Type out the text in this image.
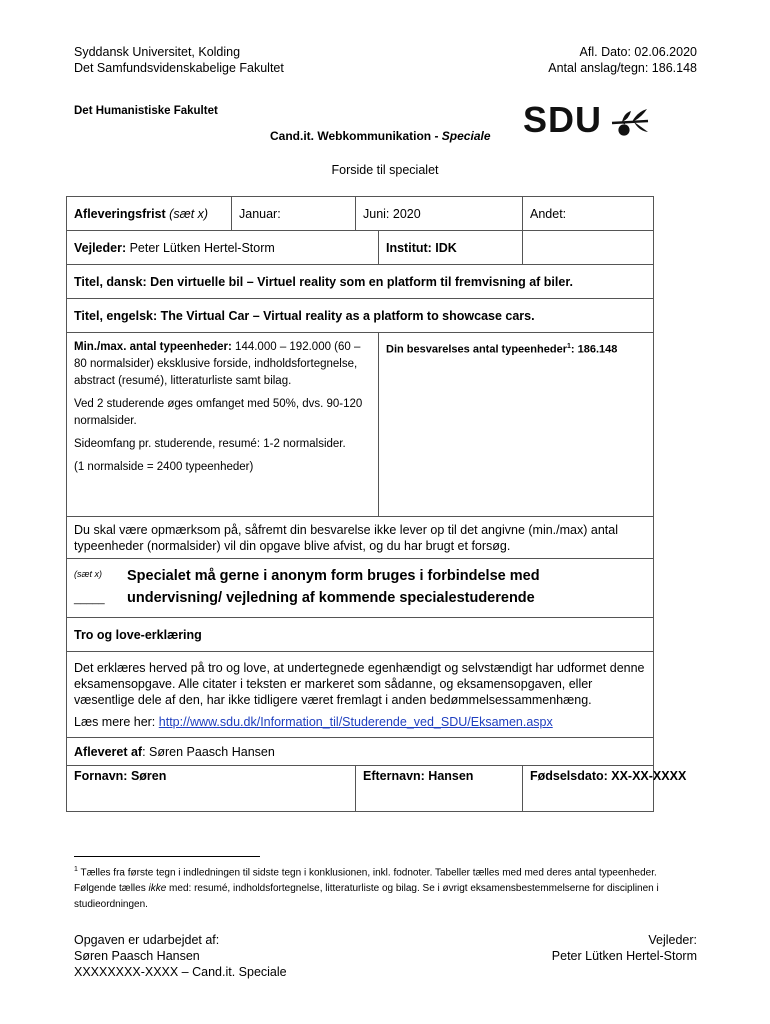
Syddansk Universitet, Kolding
Det Samfundsvidenskabelige Fakultet
Afl. Dato: 02.06.2020
Antal anslag/tegn: 186.148
Det Humanistiske Fakultet	SDU
Cand.it. Webkommunikation - Speciale
Forside til specialet
Afleveringsfrist (sæt x)	Januar:	Juni: 2020		Andet:
Vejleder: Peter Lütken Hertel-Storm			Institut: IDK	
Titel, dansk: Den virtuelle bil – Virtuel reality som en platform til fremvisning af biler.				
Titel, engelsk: The Virtual Car – Virtual reality as a platform to showcase cars.				

Min./max. antal typeenheder: 144.000 – 192.000 (60 – 80 normalsider) eksklusive forside, indholdsfortegnelse, abstract (resumé), litteraturliste samt bilag.

Ved 2 studerende øges omfanget med 50%, dvs. 90-120 normalsider.

Sideomfang pr. studerende, resumé: 1-2 normalsider.

(1 normalside = 2400 typeenheder)			Din besvarelses antal typeenheder$^1$: 186.148	
Du skal være opmærksom på, såfremt din besvarelse ikke lever op til det angivne (min./max) antal typeenheder (normalsider) vil din opgave blive afvist, og du har brugt et forsøg.				

(sæt x)
_____
Specialet må gerne i anonym form bruges i forbindelse med undervisning/ vejledning af kommende specialestuderende				

Tro og love-erklæring				

Det erklæres herved på tro og love, at undertegnede egenhændigt og selvstændigt har udformet denne eksamensopgave. Alle citater i teksten er markeret som sådanne, og eksamensopgaven, eller væsentlige dele af den, har ikke tidligere været fremlagt i anden bedømmelsessammenhæng.

Læs mere her: http://www.sdu.dk/Information_til/Studerende_ved_SDU/Eksamen.aspx				

Afleveret af: Søren Paasch Hansen				
Fornavn: Søren		Efternavn: Hansen		Fødselsdato: XX-XX-XXXX
$^1$ Tælles fra første tegn i indledningen til sidste tegn i konklusionen, inkl. fodnoter. Tabeller tælles med med deres antal typeenheder. Følgende tælles ikke med: resumé, indholdsfortegnelse, litteraturliste og bilag. Se i øvrigt eksamensbestemmelserne for disciplinen i studieordningen.
Opgaven er udarbejdet af:
Søren Paasch Hansen
XXXXXXXX-XXXX – Cand.it. Speciale
Vejleder:
Peter Lütken Hertel-Storm
